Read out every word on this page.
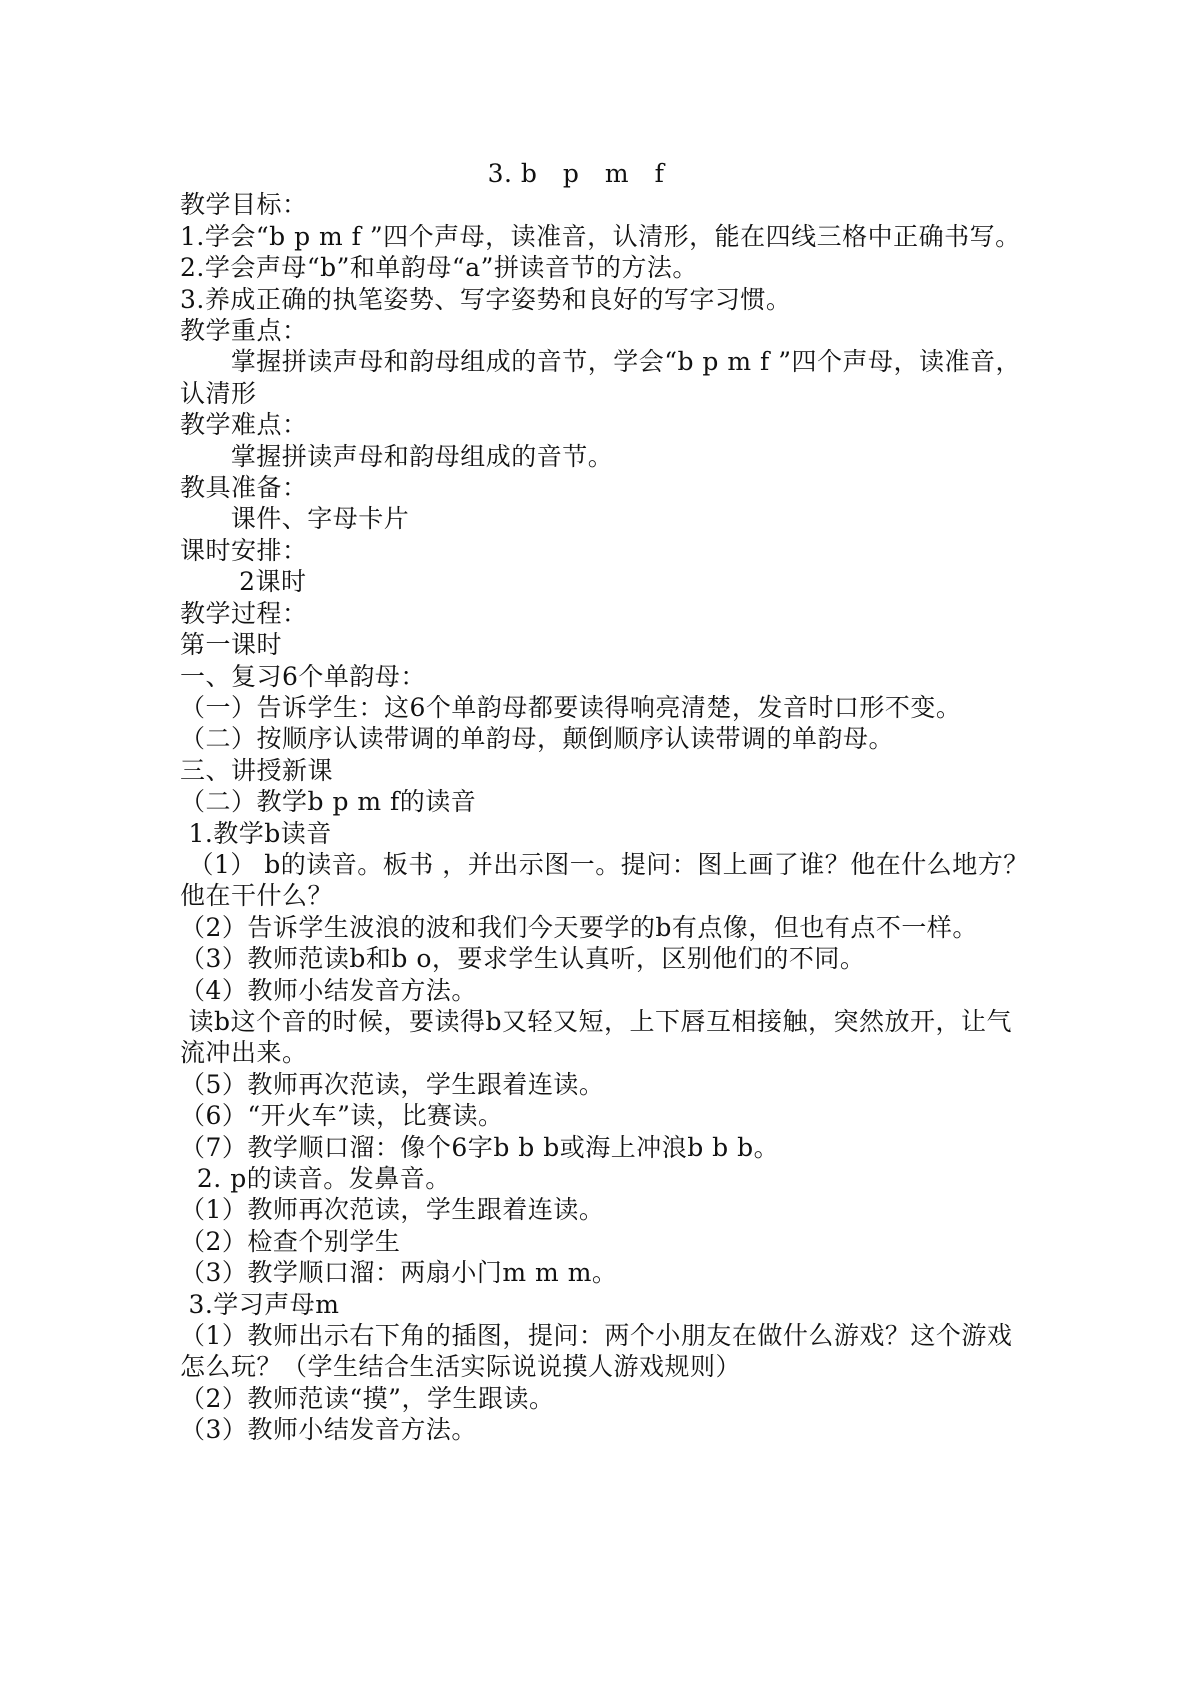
3. b　p　m　f

教学目标：

1.学会“b p m f ”四个声母，读准音，认清形，能在四线三格中正确书写。

2.学会声母“b”和单韵母“a”拼读音节的方法。

3.养成正确的执笔姿势、写字姿势和良好的写字习惯。

教学重点：

掌握拼读声母和韵母组成的音节，学会“b p m f ”四个声母，读准音，认清形

教学难点：

掌握拼读声母和韵母组成的音节。

教具准备：

课件、字母卡片

课时安排：

2课时

教学过程：

第一课时

一、复习6个单韵母：

（一）告诉学生：这6个单韵母都要读得响亮清楚，发音时口形不变。

（二）按顺序认读带调的单韵母，颠倒顺序认读带调的单韵母。

三、讲授新课

（二）教学b p m f的读音

1.教学b读音

（1） b的读音。板书 ，并出示图一。提问：图上画了谁？他在什么地方？他在干什么？

（2）告诉学生波浪的波和我们今天要学的b有点像，但也有点不一样。

（3）教师范读b和b o，要求学生认真听，区别他们的不同。

（4）教师小结发音方法。

读b这个音的时候，要读得b又轻又短，上下唇互相接触，突然放开，让气流冲出来。

（5）教师再次范读，学生跟着连读。

（6）“开火车”读，比赛读。

（7）教学顺口溜：像个6字b b b或海上冲浪b b b。

2. p的读音。发鼻音。

（1）教师再次范读，学生跟着连读。

（2）检查个别学生

（3）教学顺口溜：两扇小门m m m。

3.学习声母m

（1）教师出示右下角的插图，提问：两个小朋友在做什么游戏？这个游戏怎么玩？（学生结合生活实际说说摸人游戏规则）

（2）教师范读“摸”，学生跟读。

（3）教师小结发音方法。
